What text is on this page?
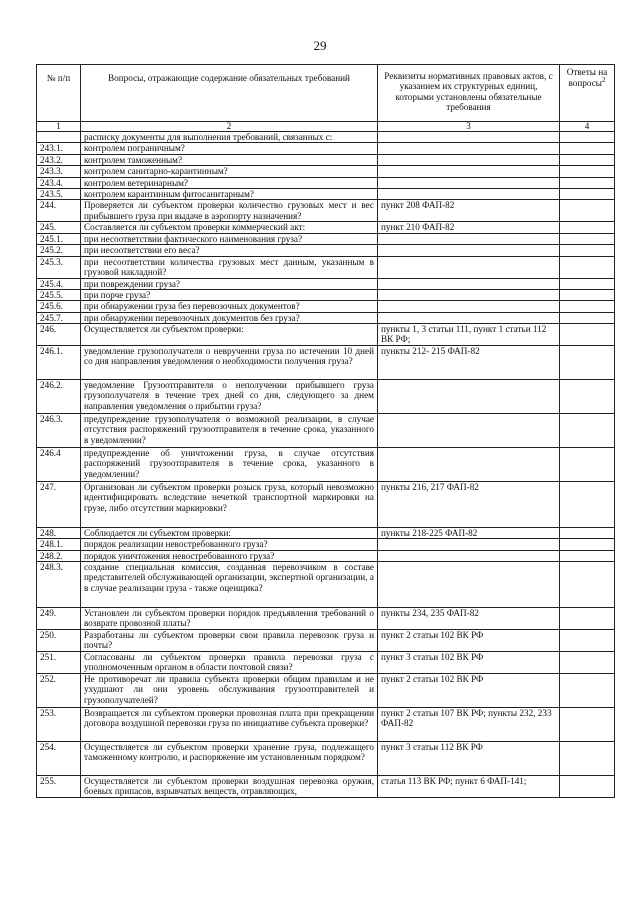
29
№ п/п	Вопросы, отражающие содержание обязательных требований	Реквизиты нормативных правовых актов, с указанием их структурных единиц, которыми установлены обязательные требования	Ответы на вопросы$^2$
1	2	3	4
	расписку документы для выполнения требований, связанных с:		
243.1.	контролем пограничным?		
243.2.	контролем таможенным?		
243.3.	контролем санитарно-карантинным?		
243.4.	контролем ветеринарным?		
243.5.	контролем карантинным фитосанитарным?		
244.	Проверяется ли субъектом проверки количество грузовых мест и вес прибывшего груза при выдаче в аэропорту назначения?	пункт 208 ФАП-82	
245.	Составляется ли субъектом проверки коммерческий акт:	пункт 210 ФАП-82	
245.1.	при несоответствии фактического наименования груза?		
245.2.	при несоответствии его веса?		
245.3.	при несоответствии количества грузовых мест данным, указанным в грузовой накладной?		
245.4.	при повреждении груза?		
245.5.	при порче груза?		
245.6.	при обнаружении груза без перевозочных документов?		
245.7.	при обнаружении перевозочных документов без груза?		
246.	Осуществляется ли субъектом проверки:	пункты 1, 3 статьи 111, пункт 1 статьи 112 ВК РФ;	
246.1.	уведомление грузополучателя о неврученни груза по истечении 10 дней со дня направления уведомления о необходимости получения груза?	пункты 212- 215 ФАП-82	
246.2.	уведомление Грузоотправителя о неполучении прибывшего груза грузополучателя в течение трех дней со дня, следующего за днем направления уведомления о прибытии груза?		
246.3.	предупреждение грузополучателя о возможной реализации, в случае отсутствия распоряжений грузоотправителя в течение срока, указанного в уведомлении?		
246.4	предупреждение об уничтожении груза, в случае отсутствия распоряжений грузоотправителя в течение срока, указанного в уведомлении?		
247.	Организован ли субъектом проверки розыск груза, который невозможно идентифицировать вследствие нечеткой транспортной маркировки на грузе, либо отсутствии маркировки?	пункты 216, 217 ФАП-82	
248.	Соблюдается ли субъектом проверки:	пункты 218-225 ФАП-82	
248.1.	порядок реализации невостребованного груза?		
248.2.	порядок уничтожения невостребованного груза?		
248.3.	создание специальная комиссия, созданная перевозчиком в составе представителей обслуживающей организации, экспертной организации, а в случае реализации груза - также оценщика?		
249.	Установлен ли субъектом проверки порядок предъявления требований о возврате провозной платы?	пункты 234, 235 ФАП-82	
250.	Разработаны ли субъектом проверки свои правила перевозок груза и почты?	пункт 2 статьи 102 ВК РФ	
251.	Согласованы ли субъектом проверки правила перевозки груза с уполномоченным органом в области почтовой связи?	пункт 3 статьи 102 ВК РФ	
252.	Не противоречат ли правила субъекта проверки общим правилам и не ухудшают ли они уровень обслуживания грузоотправителей и грузополучателей?	пункт 2 статьи 102 ВК РФ	
253.	Возвращается ли субъектом проверки провозная плата при прекращении договора воздушной перевозки груза по инициативе субъекта проверки?	пункт 2 статьи 107 ВК РФ; пункты 232, 233 ФАП-82	
254.	Осуществляется ли субъектом проверки хранение груза, подлежащего таможенному контролю, и распоряжение им установленным порядком?	пункт 3 статьи 112 ВК РФ	
255.	Осуществляется ли субъектом проверки воздушная перевозка оружия, боевых припасов, взрывчатых веществ, отравляющих,	статья 113 ВК РФ; пункт 6 ФАП-141;	
